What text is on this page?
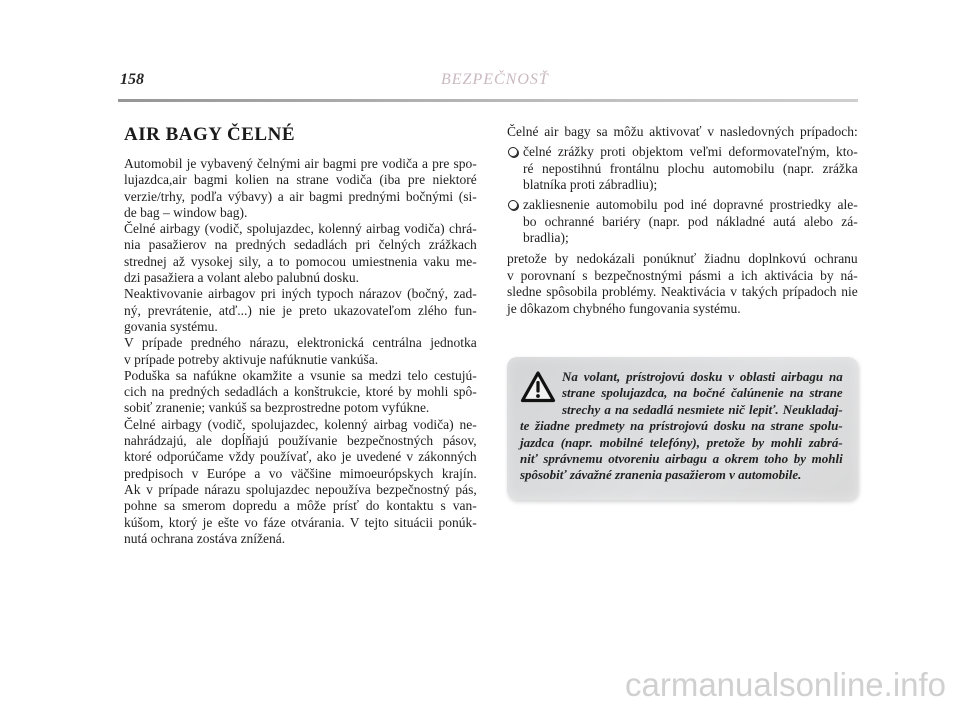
158	BEZPEČNOSŤ
AIR BAGY ČELNÉ
Automobil je vybavený čelnými air bagmi pre vodiča a pre spo-
lujazdca,air bagmi kolien na strane vodiča (iba pre niektoré
verzie/trhy, podľa výbavy) a air bagmi prednými bočnými (si-
de bag – window bag).
Čelné airbagy (vodič, spolujazdec, kolenný airbag vodiča) chrá-
nia pasažierov na predných sedadlách pri čelných zrážkach
strednej až vysokej sily, a to pomocou umiestnenia vaku me-
dzi pasažiera a volant alebo palubnú dosku.
Neaktivovanie airbagov pri iných typoch nárazov (bočný, zad-
ný, prevrátenie, atď...) nie je preto ukazovateľom zlého fun-
govania systému.
V prípade predného nárazu, elektronická centrálna jednotka
v prípade potreby aktivuje nafúknutie vankúša.
Poduška sa nafúkne okamžite a vsunie sa medzi telo cestujú-
cich na predných sedadlách a konštrukcie, ktoré by mohli spô-
sobiť zranenie; vankúš sa bezprostredne potom vyfúkne.
Čelné airbagy (vodič, spolujazdec, kolenný airbag vodiča) ne-
nahrádzajú, ale dopĺňajú používanie bezpečnostných pásov,
ktoré odporúčame vždy používať, ako je uvedené v zákonných
predpisoch v Európe a vo väčšine mimoeurópskych krajín.
Ak v prípade nárazu spolujazdec nepoužíva bezpečnostný pás,
pohne sa smerom dopredu a môže prísť do kontaktu s van-
kúšom, ktorý je ešte vo fáze otvárania. V tejto situácii ponúk-
nutá ochrana zostáva znížená.
Čelné air bagy sa môžu aktivovať v nasledovných prípadoch:
čelné zrážky proti objektom veľmi deformovateľným, kto-
ré nepostihnú frontálnu plochu automobilu (napr. zrážka
blatníka proti zábradliu);
zakliesnenie automobilu pod iné dopravné prostriedky ale-
bo ochranné bariéry (napr. pod nákladné autá alebo zá-
bradlia);
pretože by nedokázali ponúknuť žiadnu doplnkovú ochranu
v porovnaní s bezpečnostnými pásmi a ich aktivácia by ná-
sledne spôsobila problémy. Neaktivácia v takých prípadoch nie
je dôkazom chybného fungovania systému.
Na volant, prístrojovú dosku v oblasti airbagu na
strane spolujazdca, na bočné čalúnenie na strane
strechy a na sedadlá nesmiete nič lepiť. Neukladaj-
te žiadne predmety na prístrojovú dosku na strane spolu-
jazdca (napr. mobilné telefóny), pretože by mohli zabrá-
niť správnemu otvoreniu airbagu a okrem toho by mohli
spôsobiť závažné zranenia pasažierom v automobile.
carmanualsonline.info
